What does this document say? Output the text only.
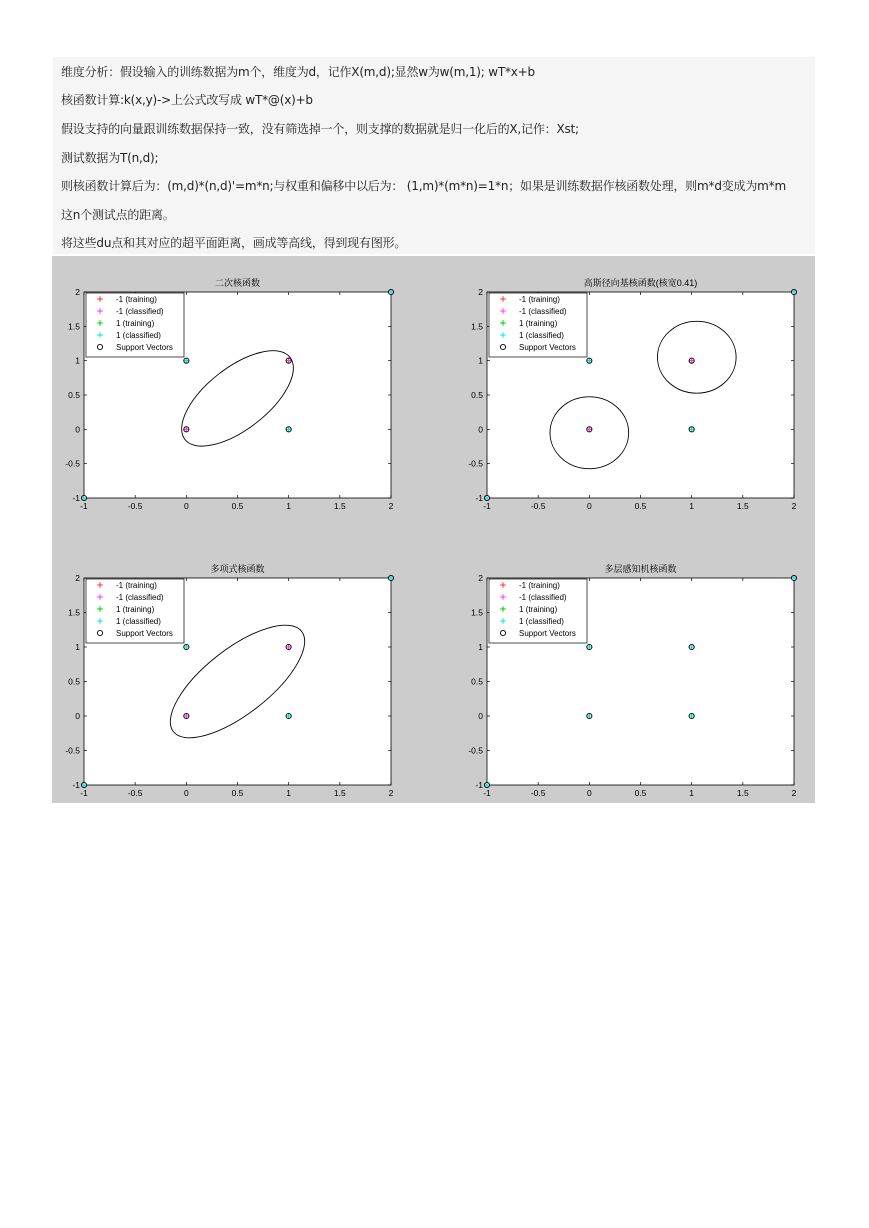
维度分析：假设输入的训练数据为m个，维度为d，记作X(m,d);显然w为w(m,1); wT*x+b
核函数计算:k(x,y)->上公式改写成 wT*@(x)+b
假设支持的向量跟训练数据保持一致，没有筛选掉一个，则支撑的数据就是归一化后的X,记作：Xst;
测试数据为T(n,d);
则核函数计算后为：(m,d)*(n,d)'=m*n;与权重和偏移中以后为： (1,m)*(m*n)=1*n；如果是训练数据作核函数处理，则m*d变成为m*m
这n个测试点的距离。
将这些du点和其对应的超平面距离，画成等高线，得到现有图形。
二次核函数
-1	-0.5	0	0.5	1	1.5	2
-1
-0.5
0
0.5
1
1.5
2
-1 (training)
-1 (classified)
1 (training)
1 (classified)
Support Vectors
高斯径向基核函数(核宽0.41)
-1	-0.5	0	0.5	1	1.5	2
-1
-0.5
0
0.5
1
1.5
2
-1 (training)
-1 (classified)
1 (training)
1 (classified)
Support Vectors
多项式核函数
-1	-0.5	0	0.5	1	1.5	2
-1
-0.5
0
0.5
1
1.5
2
-1 (training)
-1 (classified)
1 (training)
1 (classified)
Support Vectors
多层感知机核函数
-1	-0.5	0	0.5	1	1.5	2
-1
-0.5
0
0.5
1
1.5
2
-1 (training)
-1 (classified)
1 (training)
1 (classified)
Support Vectors
